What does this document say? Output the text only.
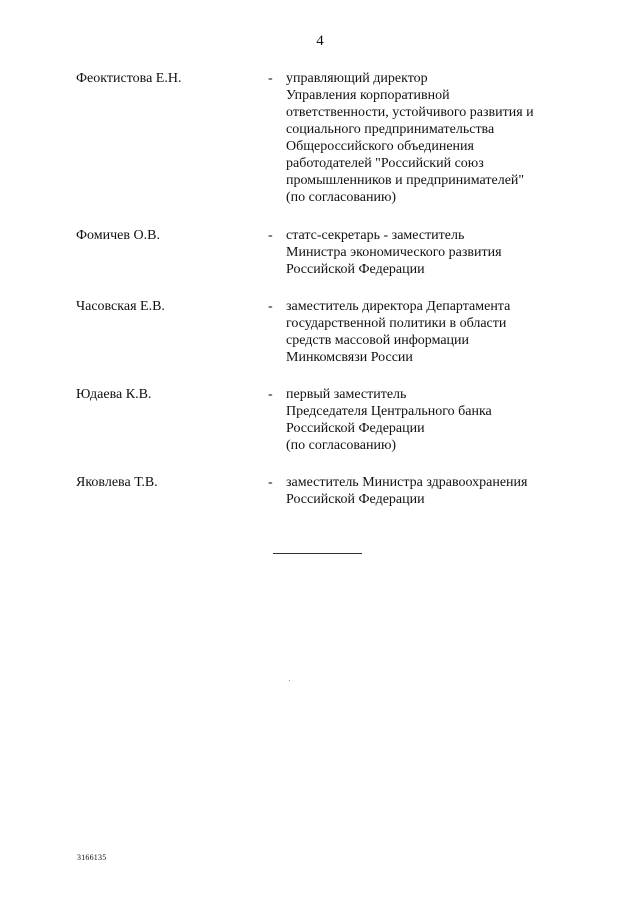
4
Феоктистова Е.Н.	- управляющий директор
Управления корпоративной
ответственности, устойчивого развития и
социального предпринимательства
Общероссийского объединения
работодателей "Российский союз
промышленников и предпринимателей"
(по согласованию)
Фомичев О.В.	- статс-секретарь - заместитель
Министра экономического развития
Российской Федерации
Часовская Е.В.	- заместитель директора Департамента
государственной политики в области
средств массовой информации
Минкомсвязи России
Юдаева К.В.	- первый заместитель
Председателя Центрального банка
Российской Федерации
(по согласованию)
Яковлева Т.В.	- заместитель Министра здравоохранения
Российской Федерации
3166135
